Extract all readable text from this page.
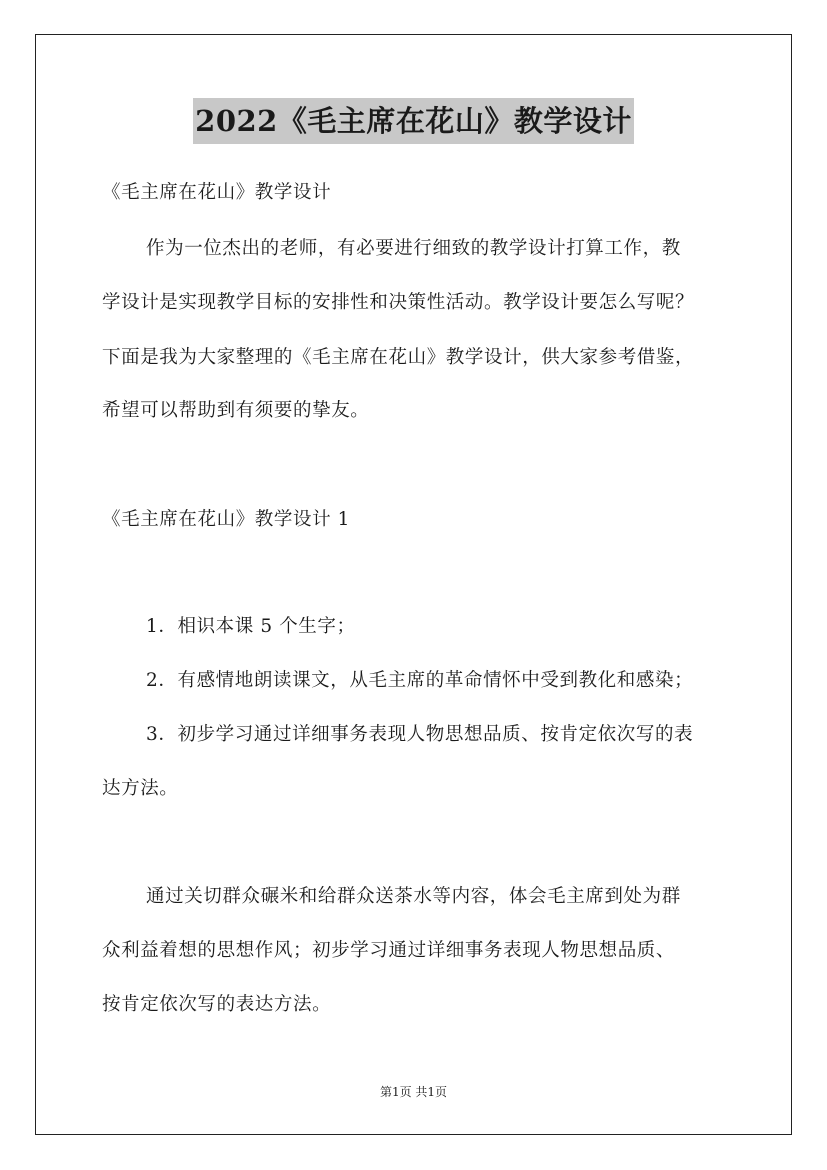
2022《毛主席在花山》教学设计
《毛主席在花山》教学设计
作为一位杰出的老师，有必要进行细致的教学设计打算工作，教
学设计是实现教学目标的安排性和决策性活动。教学设计要怎么写呢？
下面是我为大家整理的《毛主席在花山》教学设计，供大家参考借鉴，
希望可以帮助到有须要的挚友。
《毛主席在花山》教学设计 1
1．相识本课 5 个生字；
2．有感情地朗读课文，从毛主席的革命情怀中受到教化和感染；
3．初步学习通过详细事务表现人物思想品质、按肯定依次写的表
达方法。
通过关切群众碾米和给群众送茶水等内容，体会毛主席到处为群
众利益着想的思想作风；初步学习通过详细事务表现人物思想品质、
按肯定依次写的表达方法。
第1页 共1页
